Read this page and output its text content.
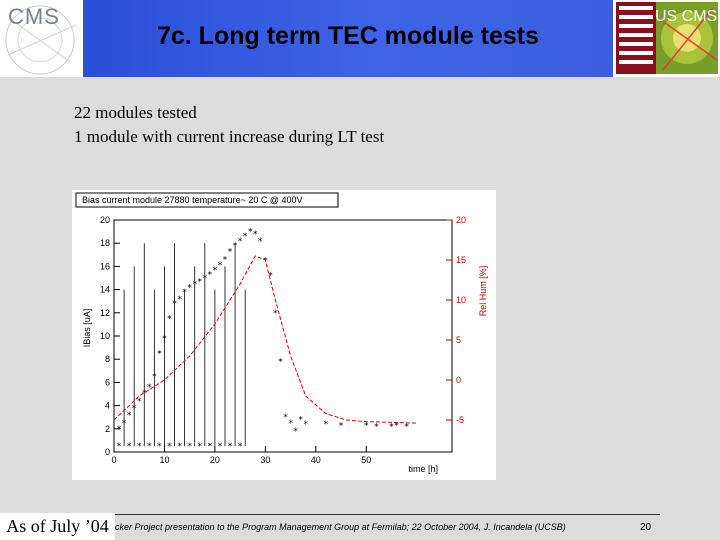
CMS
7c. Long term TEC module tests
US CMS
22 modules tested
1 module with current increase during LT test
Bias current module 27880 temperature~ 20 C @ 400V
0
2
4
6
8
10
12
14
16
18
20
-5
0
5
10
15
20
0	10	20	30	40	50
IBias [uA]
Rel Hum [%]
time [h]
*
*
*
*
*
*
*
*
*
*
*
* *
* * * * * * * *
*
*
* * * * *
*
*
*
*
*
*
*
*
* * * * * * * * *
* * * * * * * * * * * * *
cker Project presentation to the Program Management Group at Fermilab; 22 October 2004, J. Incandela (UCSB)	20
As of July ’04
